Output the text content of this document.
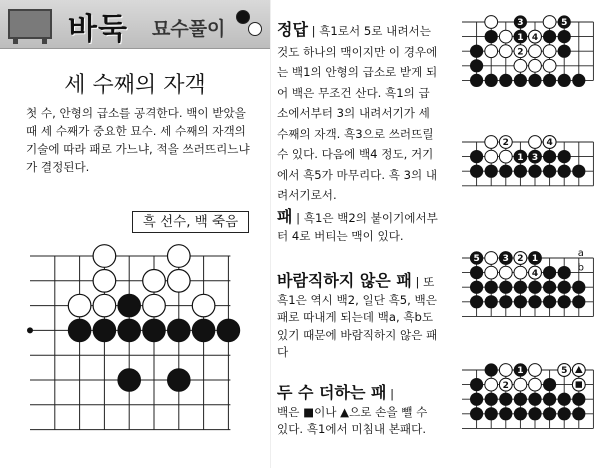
바둑 묘수풀이
세 수째의 자객
첫 수, 안형의 급소를 공격한다. 백이 받았을 때 세 수째가 중요한 묘수. 세 수째의 자객의 기술에 따라 패로 가느냐, 적을 쓰러뜨리느냐가 결정된다.
흑 선수, 백 죽음
정답 | 흑1로서 5로 내려서는 것도 하나의 맥이지만 이 경우에는 백1의 안형의 급소로 받게 되어 백은 무조건 산다. 흑1의 급소에서부터 3의 내려서기가 세 수째의 자객. 흑3으로 쓰러뜨릴 수 있다. 다음에 백4 정도, 거기에서 흑5가 마무리다. 흑 3의 내려서기로서.
패 | 흑1은 백2의 붙이기에서부터 4로 버티는 맥이 있다.
바람직하지 않은 패 | 또 흑1은 역시 백2, 일단 흑5, 백은 패로 따내게 되는데 백a, 흑b도 있기 때문에 바람직하지 않은 패다
두 수 더하는 패 |
백은 ■이나 ▲으로 손을 뺄 수 있다. 흑1에서 미침내 본패다.
3	5
1 4
2
2	4
3
1
5	3 2 1
4
a
b
1	5
2
